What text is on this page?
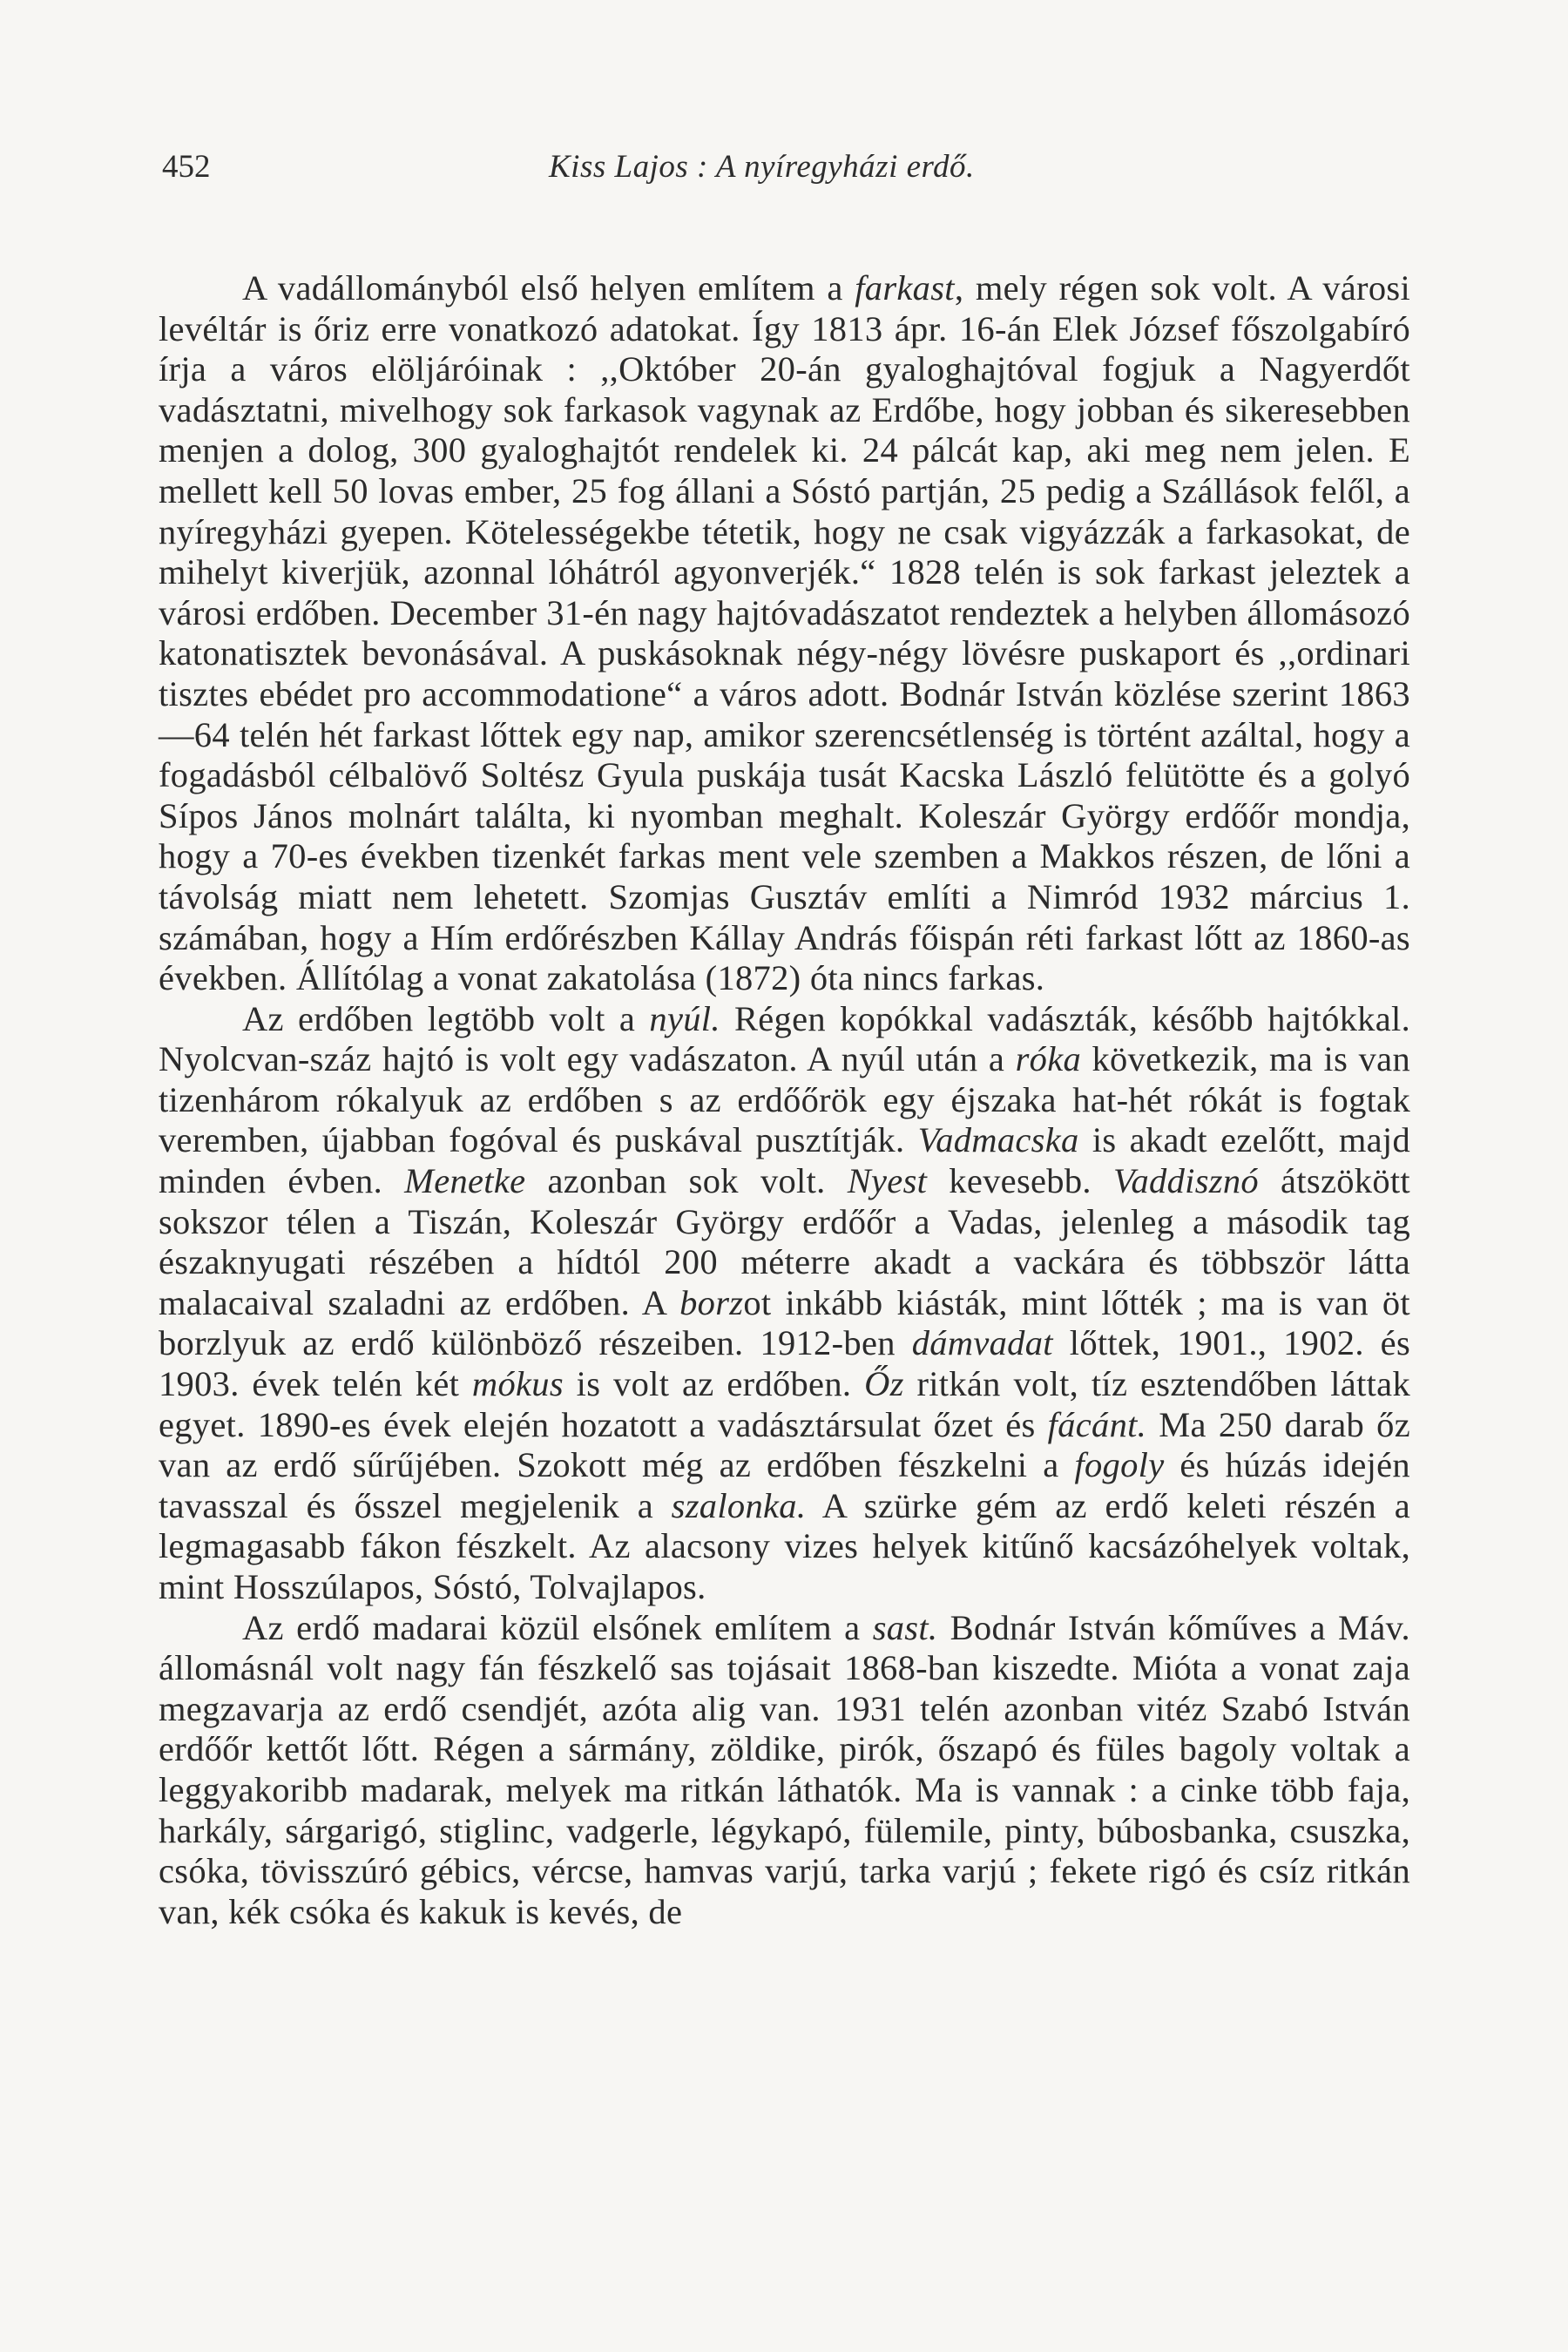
452	Kiss Lajos : A nyíregyházi erdő.

A vadállományból első helyen említem a farkast, mely régen sok volt. A városi levéltár is őriz erre vonatkozó adatokat. Így 1813 ápr. 16-án Elek József főszolgabíró írja a város elöljáróinak : ,,Október 20-án gyaloghajtóval fogjuk a Nagyerdőt vadásztatni, mivelhogy sok farkasok vagynak az Erdőbe, hogy jobban és sikeresebben menjen a dolog, 300 gyaloghajtót rendelek ki. 24 pálcát kap, aki meg nem jelen. E mellett kell 50 lovas ember, 25 fog állani a Sóstó partján, 25 pedig a Szállások felől, a nyíregyházi gyepen. Kötelességekbe tétetik, hogy ne csak vigyázzák a farkasokat, de mihelyt kiverjük, azonnal lóhátról agyonverjék.“ 1828 telén is sok farkast jeleztek a városi erdőben. December 31-én nagy hajtóvadászatot rendeztek a helyben állomásozó katonatisztek bevonásával. A puskásoknak négy-négy lövésre puskaport és ,,ordinari tisztes ebédet pro accommodatione“ a város adott. Bodnár István közlése szerint 1863—64 telén hét farkast lőttek egy nap, amikor szerencsétlenség is történt azáltal, hogy a fogadásból célbalövő Soltész Gyula puskája tusát Kacska László felütötte és a golyó Sípos János molnárt találta, ki nyomban meghalt. Koleszár György erdőőr mondja, hogy a 70-es években tizenkét farkas ment vele szemben a Makkos részen, de lőni a távolság miatt nem lehetett. Szomjas Gusztáv említi a Nimród 1932 március 1. számában, hogy a Hím erdőrészben Kállay András főispán réti farkast lőtt az 1860-as években. Állítólag a vonat zakatolása (1872) óta nincs farkas.

Az erdőben legtöbb volt a nyúl. Régen kopókkal vadászták, később hajtókkal. Nyolcvan-száz hajtó is volt egy vadászaton. A nyúl után a róka következik, ma is van tizenhárom rókalyuk az erdőben s az erdőőrök egy éjszaka hat-hét rókát is fogtak veremben, újabban fogóval és puskával pusztítják. Vadmacska is akadt ezelőtt, majd minden évben. Menetke azonban sok volt. Nyest kevesebb. Vaddisznó átszökött sokszor télen a Tiszán, Koleszár György erdőőr a Vadas, jelenleg a második tag északnyugati részében a hídtól 200 méterre akadt a vackára és többször látta malacaival szaladni az erdőben. A borzot inkább kiásták, mint lőtték ; ma is van öt borzlyuk az erdő különböző részeiben. 1912-ben dámvadat lőttek, 1901., 1902. és 1903. évek telén két mókus is volt az erdőben. Őz ritkán volt, tíz esztendőben láttak egyet. 1890-es évek elején hozatott a vadásztársulat őzet és fácánt. Ma 250 darab őz van az erdő sűrűjében. Szokott még az erdőben fészkelni a fogoly és húzás idején tavasszal és ősszel megjelenik a szalonka. A szürke gém az erdő keleti részén a legmagasabb fákon fészkelt. Az alacsony vizes helyek kitűnő kacsázóhelyek voltak, mint Hosszúlapos, Sóstó, Tolvajlapos.

Az erdő madarai közül elsőnek említem a sast. Bodnár István kőműves a Máv. állomásnál volt nagy fán fészkelő sas tojásait 1868-ban kiszedte. Mióta a vonat zaja megzavarja az erdő csendjét, azóta alig van. 1931 telén azonban vitéz Szabó István erdőőr kettőt lőtt. Régen a sármány, zöldike, pirók, őszapó és füles bagoly voltak a leggyakoribb madarak, melyek ma ritkán láthatók. Ma is vannak : a cinke több faja, harkály, sárgarigó, stiglinc, vadgerle, légykapó, fülemile, pinty, búbosbanka, csuszka, csóka, tövisszúró gébics, vércse, hamvas varjú, tarka varjú ; fekete rigó és csíz ritkán van, kék csóka és kakuk is kevés, de
